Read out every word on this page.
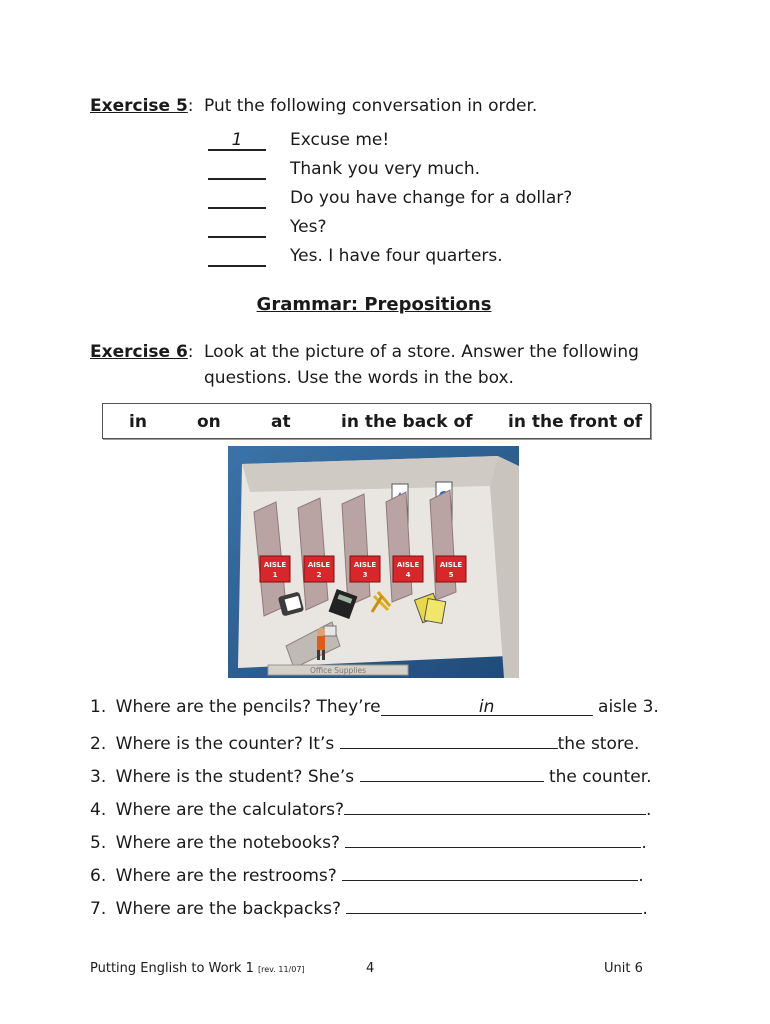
Exercise 5: Put the following conversation in order.
1	Excuse me!
Thank you very much.
Do you have change for a dollar?
Yes?
Yes. I have four quarters.
Grammar: Prepositions
Exercise 6: Look at the picture of a store. Answer the following
questions. Use the words in the box.
in	on	at	in the back of in the front of
AISLE
1
AISLE
2
AISLE
3
AISLE
4
AISLE
5
Office Supplies
1. Where are the pencils? They’re	in	aisle 3.
2. Where is the counter? It’s	the store.
3. Where is the student? She’s	the counter.
4. Where are the calculators?	.
5. Where are the notebooks?	.
6. Where are the restrooms?	.
7. Where are the backpacks?	.
Putting English to Work 1 [rev. 11/07]	4	Unit 6
